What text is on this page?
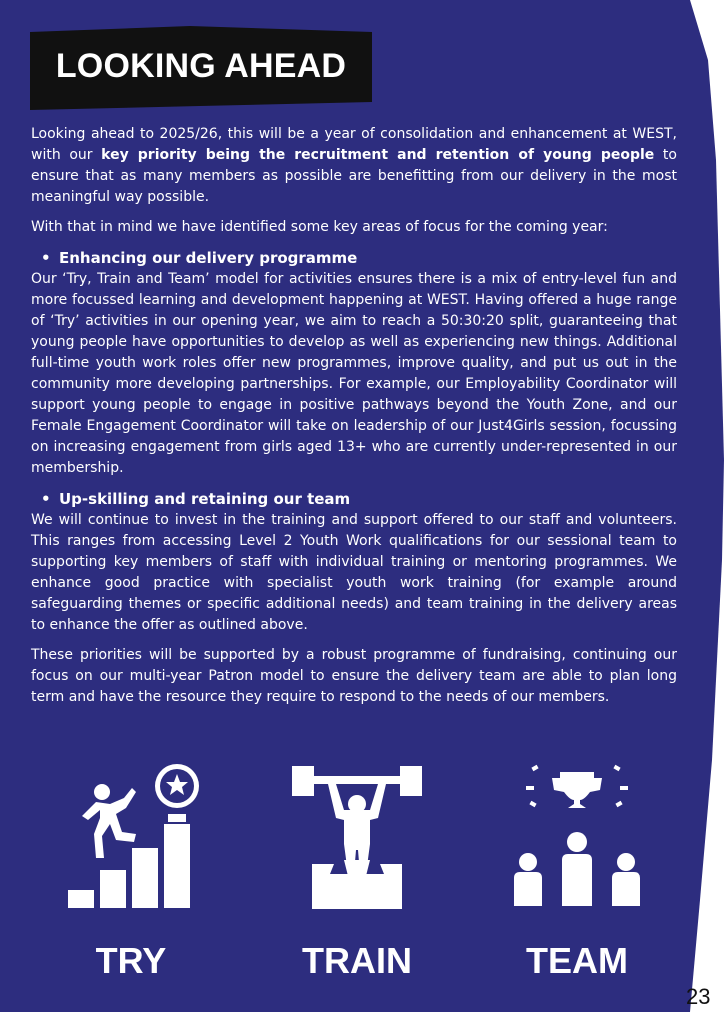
LOOKING AHEAD

Looking ahead to 2025/26, this will be a year of consolidation and enhancement at WEST, with our key priority being the recruitment and retention of young people to ensure that as many members as possible are benefitting from our delivery in the most meaningful way possible.

With that in mind we have identified some key areas of focus for the coming year:

• Enhancing our delivery programme

Our ‘Try, Train and Team’ model for activities ensures there is a mix of entry-level fun and more focussed learning and development happening at WEST. Having offered a huge range of ‘Try’ activities in our opening year, we aim to reach a 50:30:20 split, guaranteeing that young people have opportunities to develop as well as experiencing new things. Additional full-time youth work roles offer new programmes, improve quality, and put us out in the community more developing partnerships. For example, our Employability Coordinator will support young people to engage in positive pathways beyond the Youth Zone, and our Female Engagement Coordinator will take on leadership of our Just4Girls session, focussing on increasing engagement from girls aged 13+ who are currently under-represented in our membership.

• Up-skilling and retaining our team

We will continue to invest in the training and support offered to our staff and volunteers. This ranges from accessing Level 2 Youth Work qualifications for our sessional team to supporting key members of staff with individual training or mentoring programmes. We enhance good practice with specialist youth work training (for example around safeguarding themes or specific additional needs) and team training in the delivery areas to enhance the offer as outlined above.

These priorities will be supported by a robust programme of fundraising, continuing our focus on our multi-year Patron model to ensure the delivery team are able to plan long term and have the resource they require to respond to the needs of our members.

TRY	TRAIN	TEAM
23
